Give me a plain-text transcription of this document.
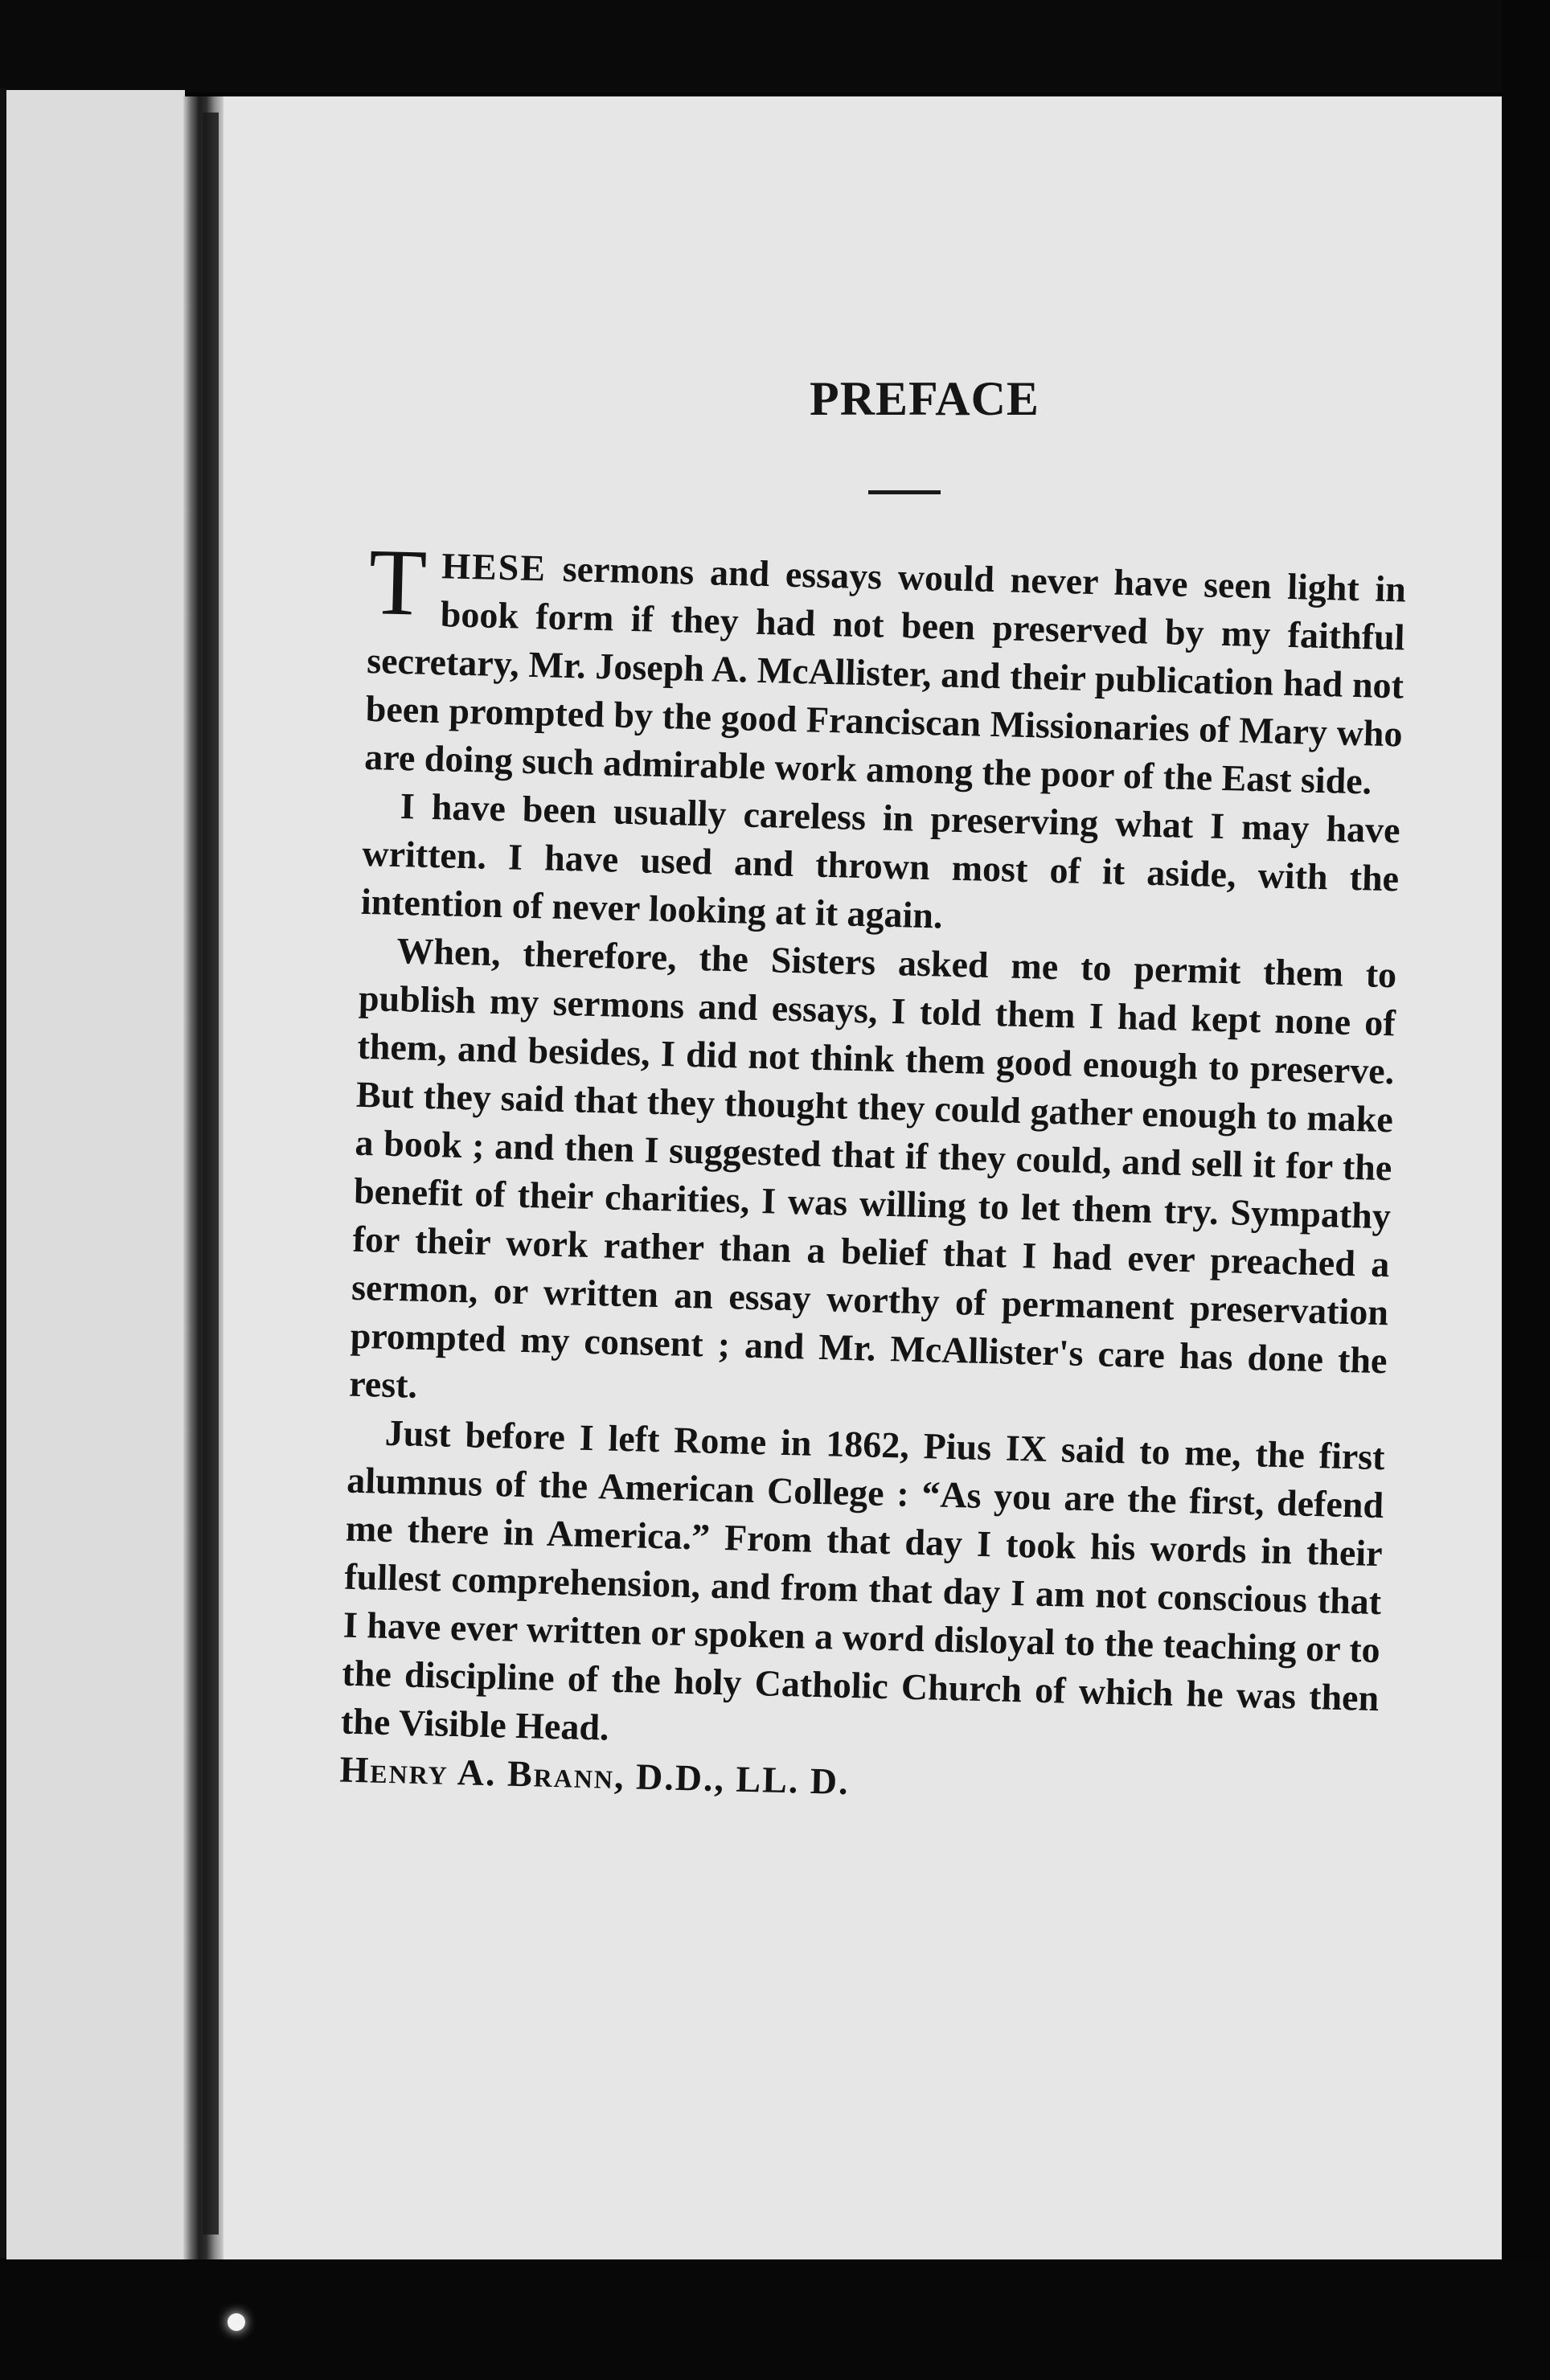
PREFACE

THESE sermons and essays would never have seen light in book form if they had not been preserved by my faithful secretary, Mr. Joseph A. McAllister, and their publication had not been prompted by the good Franciscan Missionaries of Mary who are doing such admirable work among the poor of the East side.

I have been usually careless in preserving what I may have written. I have used and thrown most of it aside, with the intention of never looking at it again.

When, therefore, the Sisters asked me to permit them to publish my sermons and essays, I told them I had kept none of them, and besides, I did not think them good enough to preserve. But they said that they thought they could gather enough to make a book ; and then I suggested that if they could, and sell it for the benefit of their charities, I was willing to let them try. Sympathy for their work rather than a belief that I had ever preached a sermon, or written an essay worthy of permanent preservation prompted my consent ; and Mr. McAllister's care has done the rest.

Just before I left Rome in 1862, Pius IX said to me, the first alumnus of the American College : “As you are the first, defend me there in America.” From that day I took his words in their fullest comprehension, and from that day I am not conscious that I have ever written or spoken a word disloyal to the teaching or to the discipline of the holy Catholic Church of which he was then the Visible Head.

Henry A. Brann, D.D., LL. D.
